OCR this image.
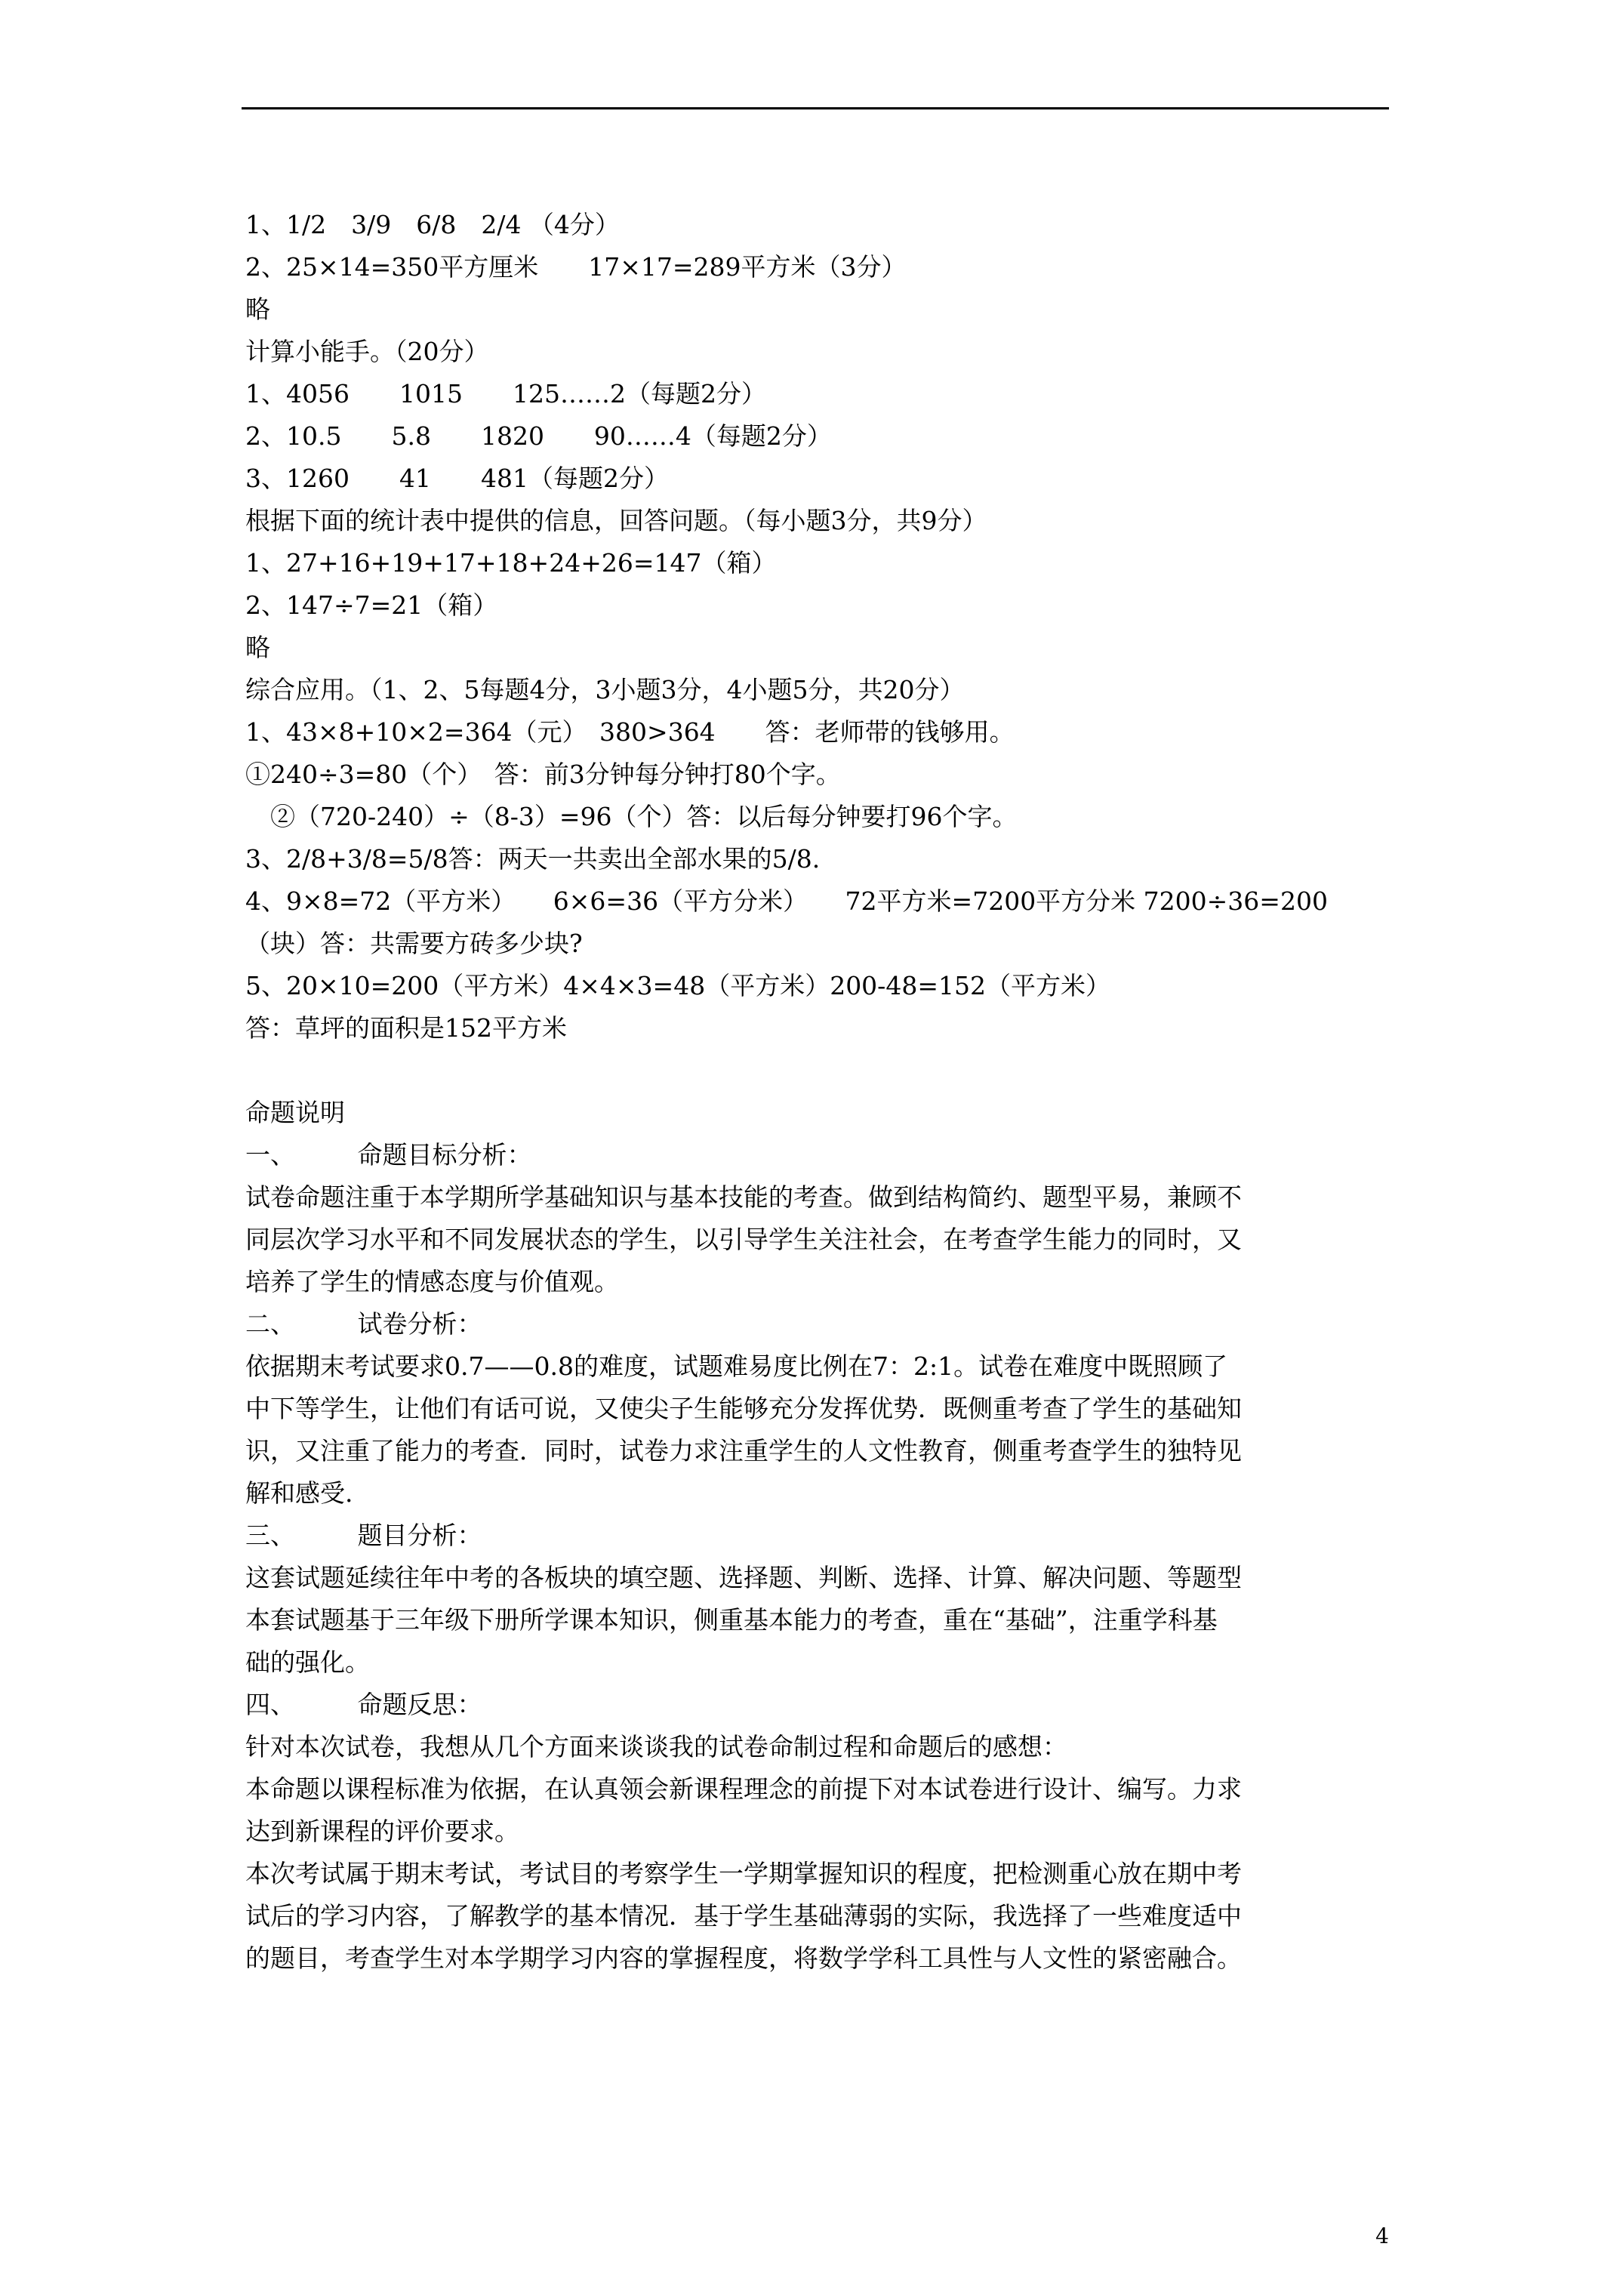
1、1/2　3/9　6/8　2/4 （4分）
2、25×14=350平方厘米　　17×17=289平方米（3分）
略
计算小能手。（20分）
1、4056　　1015　　125……2（每题2分）
2、10.5　　5.8　　1820　　90……4（每题2分）
3、1260　　41　　481（每题2分）
根据下面的统计表中提供的信息，回答问题。（每小题3分，共9分）
1、27+16+19+17+18+24+26=147（箱）
2、147÷7=21（箱）
略
综合应用。（1、2、5每题4分，3小题3分，4小题5分，共20分）
1、43×8+10×2=364（元）　380>364　　答：老师带的钱够用。
①240÷3=80（个）　答：前3分钟每分钟打80个字。
　②（720-240）÷（8-3）=96（个）答：以后每分钟要打96个字。
3、2/8+3/8=5/8答：两天一共卖出全部水果的5/8.
4、9×8=72（平方米）　　6×6=36（平方分米）　　72平方米=7200平方分米 7200÷36=200
（块）答：共需要方砖多少块?
5、20×10=200（平方米）4×4×3=48（平方米）200-48=152（平方米）
答：草坪的面积是152平方米
命题说明
一、　　　命题目标分析：
试卷命题注重于本学期所学基础知识与基本技能的考查。做到结构简约、题型平易，兼顾不
同层次学习水平和不同发展状态的学生，以引导学生关注社会，在考查学生能力的同时，又
培养了学生的情感态度与价值观。
二、　　　试卷分析：
依据期末考试要求0.7——0.8的难度，试题难易度比例在7：2:1。试卷在难度中既照顾了
中下等学生，让他们有话可说，又使尖子生能够充分发挥优势．既侧重考查了学生的基础知
识，又注重了能力的考查．同时，试卷力求注重学生的人文性教育，侧重考查学生的独特见
解和感受.
三、　　　题目分析：
这套试题延续往年中考的各板块的填空题、选择题、判断、选择、计算、解决问题、等题型
本套试题基于三年级下册所学课本知识，侧重基本能力的考查，重在“基础”，注重学科基
础的强化。
四、　　　命题反思：
针对本次试卷，我想从几个方面来谈谈我的试卷命制过程和命题后的感想：
本命题以课程标准为依据，在认真领会新课程理念的前提下对本试卷进行设计、编写。力求
达到新课程的评价要求。
本次考试属于期末考试，考试目的考察学生一学期掌握知识的程度，把检测重心放在期中考
试后的学习内容，了解教学的基本情况．基于学生基础薄弱的实际，我选择了一些难度适中
的题目，考查学生对本学期学习内容的掌握程度，将数学学科工具性与人文性的紧密融合。
4
